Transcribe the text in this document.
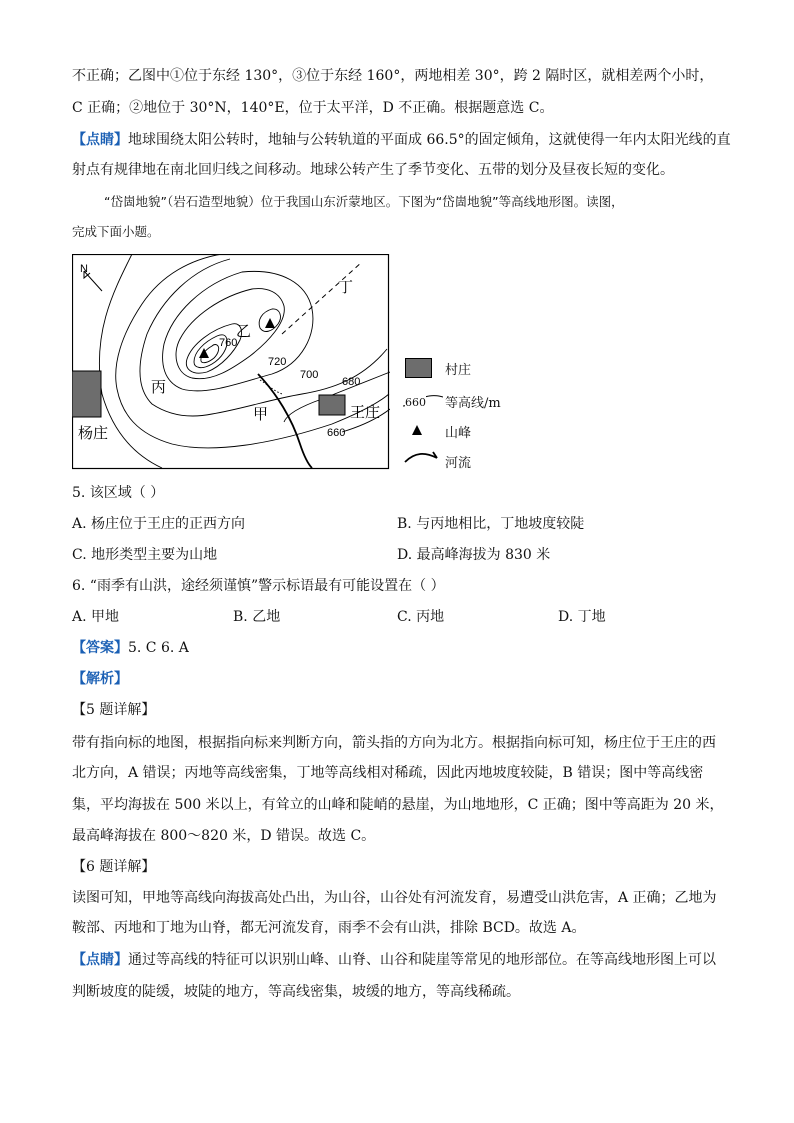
不正确；乙图中①位于东经 130°，③位于东经 160°，两地相差 30°，跨 2 隔时区，就相差两个小时，
C 正确；②地位于 30°N，140°E，位于太平洋，D 不正确。根据题意选 C。
【点睛】地球围绕太阳公转时，地轴与公转轨道的平面成 66.5°的固定倾角，这就使得一年内太阳光线的直
射点有规律地在南北回归线之间移动。地球公转产生了季节变化、五带的划分及昼夜长短的变化。
“岱崮地貌”（岩石造型地貌）位于我国山东沂蒙地区。下图为“岱崮地貌”等高线地形图。读图，
完成下面小题。
N
丁
乙
丙
甲
杨庄
王庄
760
720
700
680
660
村庄
660 等高线/m
山峰
河流
5. 该区域（ ）
A. 杨庄位于王庄的正西方向	B. 与丙地相比，丁地坡度较陡
C. 地形类型主要为山地	D. 最高峰海拔为 830 米
6. “雨季有山洪，途经须谨慎”警示标语最有可能设置在（ ）
A. 甲地	B. 乙地	C. 丙地	D. 丁地
【答案】5. C 6. A
【解析】
【5 题详解】
带有指向标的地图，根据指向标来判断方向，箭头指的方向为北方。根据指向标可知，杨庄位于王庄的西
北方向，A 错误；丙地等高线密集，丁地等高线相对稀疏，因此丙地坡度较陡，B 错误；图中等高线密
集，平均海拔在 500 米以上，有耸立的山峰和陡峭的悬崖，为山地地形，C 正确；图中等高距为 20 米，
最高峰海拔在 800～820 米，D 错误。故选 C。
【6 题详解】
读图可知，甲地等高线向海拔高处凸出，为山谷，山谷处有河流发育，易遭受山洪危害，A 正确；乙地为
鞍部、丙地和丁地为山脊，都无河流发育，雨季不会有山洪，排除 BCD。故选 A。
【点睛】通过等高线的特征可以识别山峰、山脊、山谷和陡崖等常见的地形部位。在等高线地形图上可以
判断坡度的陡缓，坡陡的地方，等高线密集，坡缓的地方，等高线稀疏。
